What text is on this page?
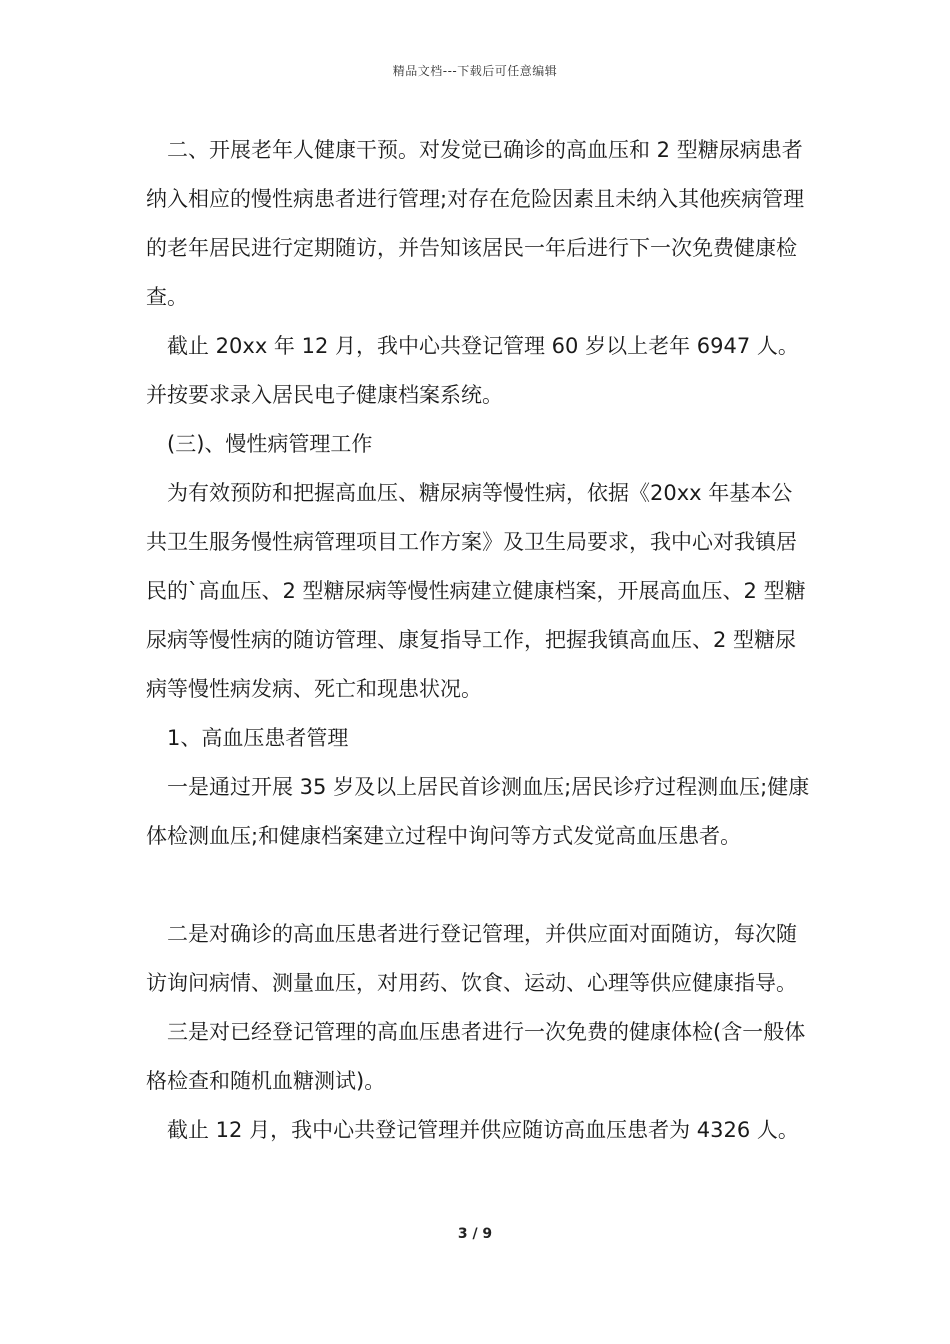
精品文档---下载后可任意编辑

二、开展老年人健康干预。对发觉已确诊的高血压和 2 型糖尿病患者纳入相应的慢性病患者进行管理;对存在危险因素且未纳入其他疾病管理的老年居民进行定期随访，并告知该居民一年后进行下一次免费健康检查。

截止 20xx 年 12 月，我中心共登记管理 60 岁以上老年 6947 人。并按要求录入居民电子健康档案系统。

(三)、慢性病管理工作

为有效预防和把握高血压、糖尿病等慢性病，依据《20xx 年基本公共卫生服务慢性病管理项目工作方案》及卫生局要求，我中心对我镇居民的`高血压、2 型糖尿病等慢性病建立健康档案，开展高血压、2 型糖尿病等慢性病的随访管理、康复指导工作，把握我镇高血压、2 型糖尿病等慢性病发病、死亡和现患状况。

1、高血压患者管理

一是通过开展 35 岁及以上居民首诊测血压;居民诊疗过程测血压;健康体检测血压;和健康档案建立过程中询问等方式发觉高血压患者。

二是对确诊的高血压患者进行登记管理，并供应面对面随访，每次随访询问病情、测量血压，对用药、饮食、运动、心理等供应健康指导。

三是对已经登记管理的高血压患者进行一次免费的健康体检(含一般体格检查和随机血糖测试)。

截止 12 月，我中心共登记管理并供应随访高血压患者为 4326 人。

3 / 9
